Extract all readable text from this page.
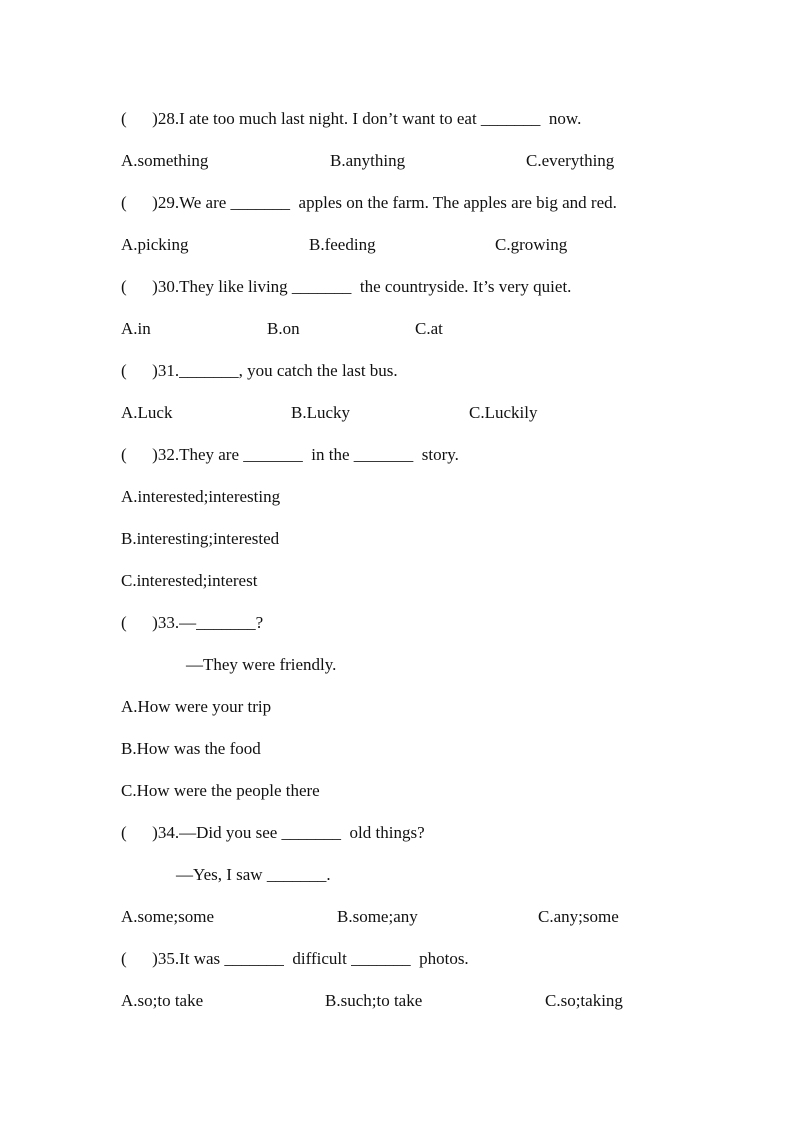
(      )28.I ate too much last night. I don’t want to eat _______  now.

A.something

	B.anything

	C.everything

(      )29.We are _______  apples on the farm. The apples are big and red.

A.picking

	B.feeding

	C.growing

(      )30.They like living _______  the countryside. It’s very quiet.

A.in

	B.on

	C.at

(      )31._______, you catch the last bus.

A.Luck

	B.Lucky

	C.Luckily

(      )32.They are _______  in the _______  story.

A.interested;interesting

B.interesting;interested

C.interested;interest

(      )33.—_______?

—They were friendly.

A.How were your trip

B.How was the food

C.How were the people there

(      )34.—Did you see _______  old things?

—Yes, I saw _______.

A.some;some

	B.some;any

	C.any;some

(      )35.It was _______  difficult _______  photos.

A.so;to take

	B.such;to take

	C.so;taking
